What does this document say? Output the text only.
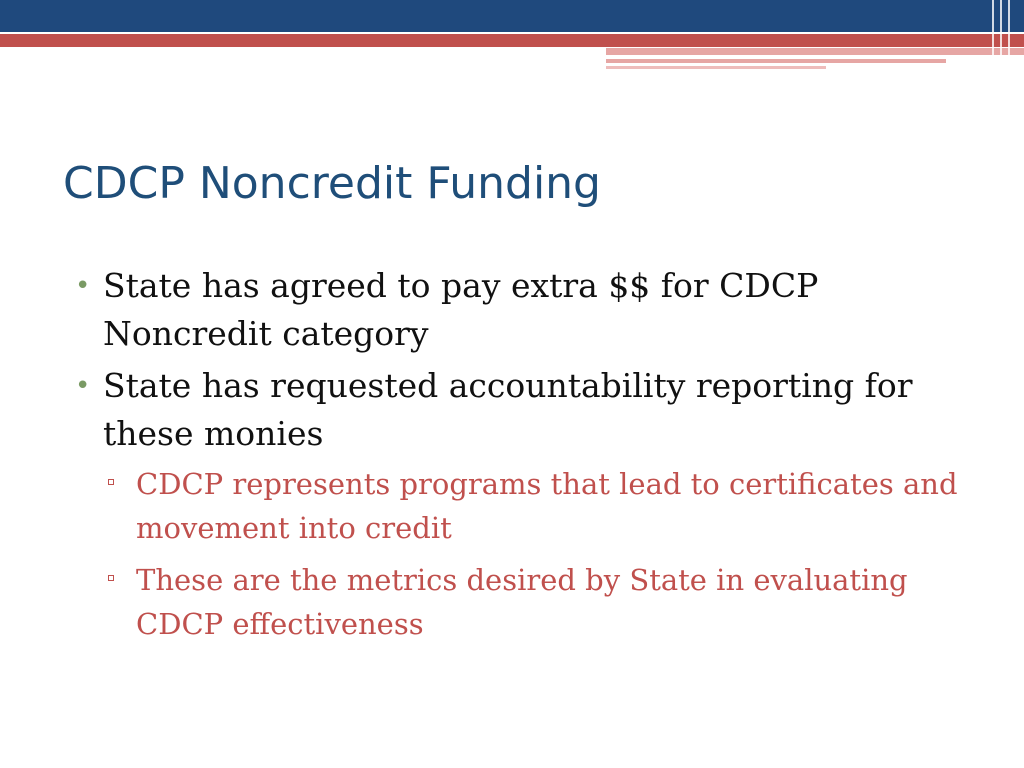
CDCP Noncredit Funding
• State has agreed to pay extra $$ for CDCP Noncredit category
• State has requested accountability reporting for these monies
CDCP represents programs that lead to certificates and movement into credit
These are the metrics desired by State in evaluating CDCP effectiveness
